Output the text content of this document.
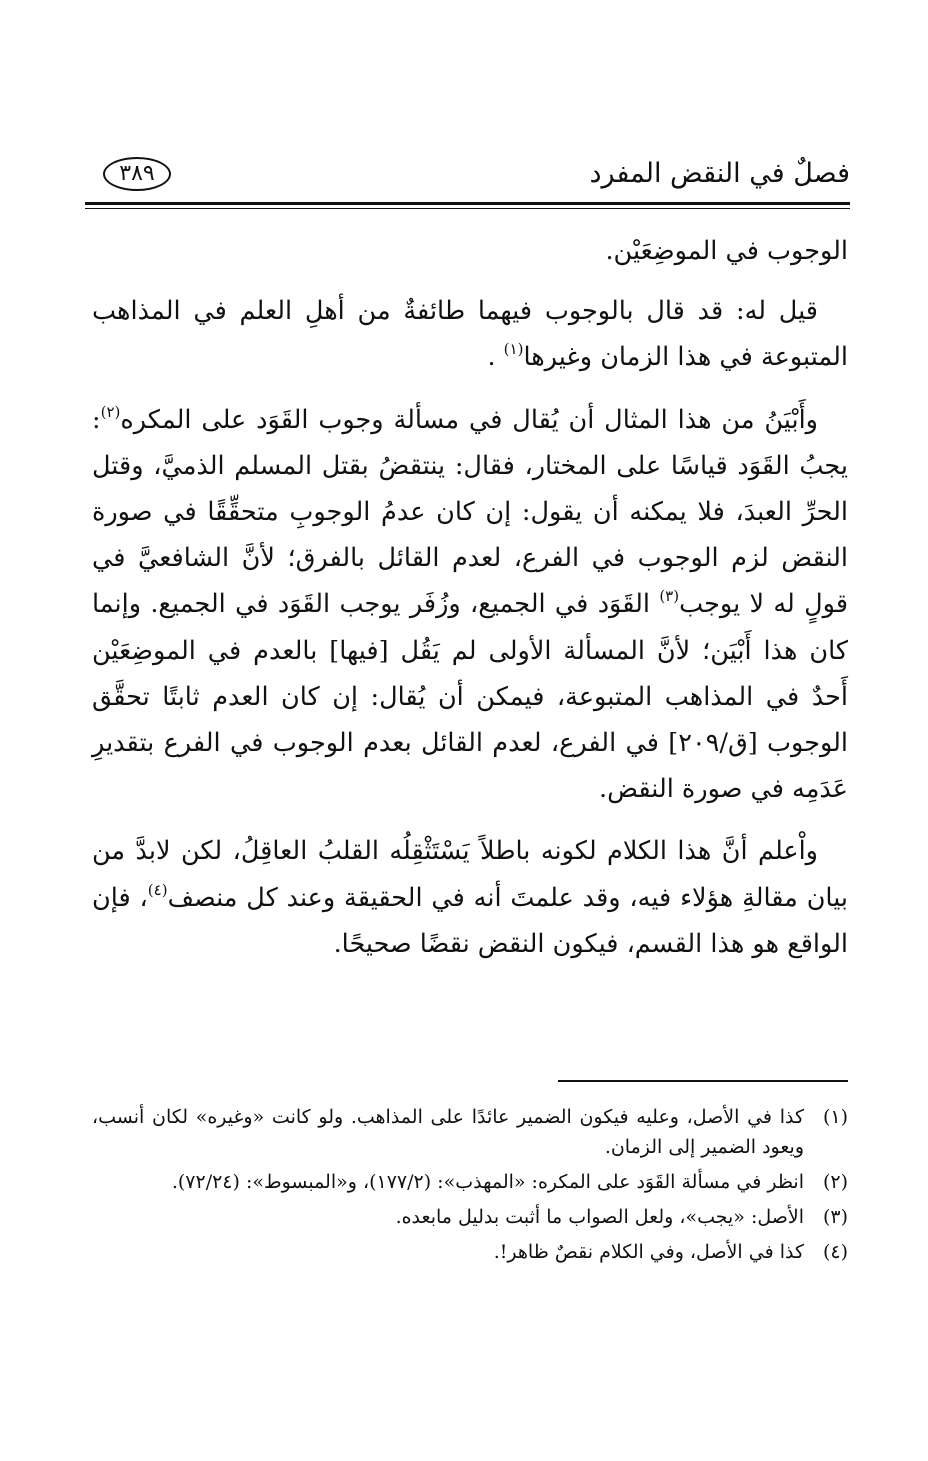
فصلٌ في النقض المفرد
٣٨٩

الوجوب في الموضِعَيْن.

قيل له: قد قال بالوجوب فيهما طائفةٌ من أهلِ العلم في المذاهب المتبوعة في هذا الزمان وغيرها$^{(١)}$ .

وأَبْيَنُ من هذا المثال أن يُقال في مسألة وجوب القَوَد على المكره$^{(٢)}$: يجبُ القَوَد قياسًا على المختار، فقال: ينتقضُ بقتل المسلم الذميَّ، وقتل الحرِّ العبدَ، فلا يمكنه أن يقول: إن كان عدمُ الوجوبِ متحقِّقًا في صورة النقض لزم الوجوب في الفرع، لعدم القائل بالفرق؛ لأنَّ الشافعيَّ في قولٍ له لا يوجب$^{(٣)}$ القَوَد في الجميع، وزُفَر يوجب القَوَد في الجميع. وإنما كان هذا أَبْيَن؛ لأنَّ المسألة الأولى لم يَقُل [فيها] بالعدم في الموضِعَيْن أَحدٌ في المذاهب المتبوعة، فيمكن أن يُقال: إن كان العدم ثابتًا تحقَّق الوجوب [ق/٢٠٩] في الفرع، لعدم القائل بعدم الوجوب في الفرع بتقديرِ عَدَمِه في صورة النقض.

واْعلم أنَّ هذا الكلام لكونه باطلاً يَسْتَثْقِلُه القلبُ العاقِلُ، لكن لابدَّ من بيان مقالةِ هؤلاء فيه، وقد علمتَ أنه في الحقيقة وعند كل منصف$^{(٤)}$، فإن الواقع هو هذا القسم، فيكون النقض نقضًا صحيحًا.

(١)
كذا في الأصل، وعليه فيكون الضمير عائدًا على المذاهب. ولو كانت «وغيره» لكان أنسب، ويعود الضمير إلى الزمان.
(٢)
انظر في مسألة القَوَد على المكره: «المهذب»: (١٧٧/٢)، و«المبسوط»: (٧٢/٢٤).
(٣)
الأصل: «يجب»، ولعل الصواب ما أثبت بدليل مابعده.
(٤)
كذا في الأصل، وفي الكلام نقصٌ ظاهر!.
